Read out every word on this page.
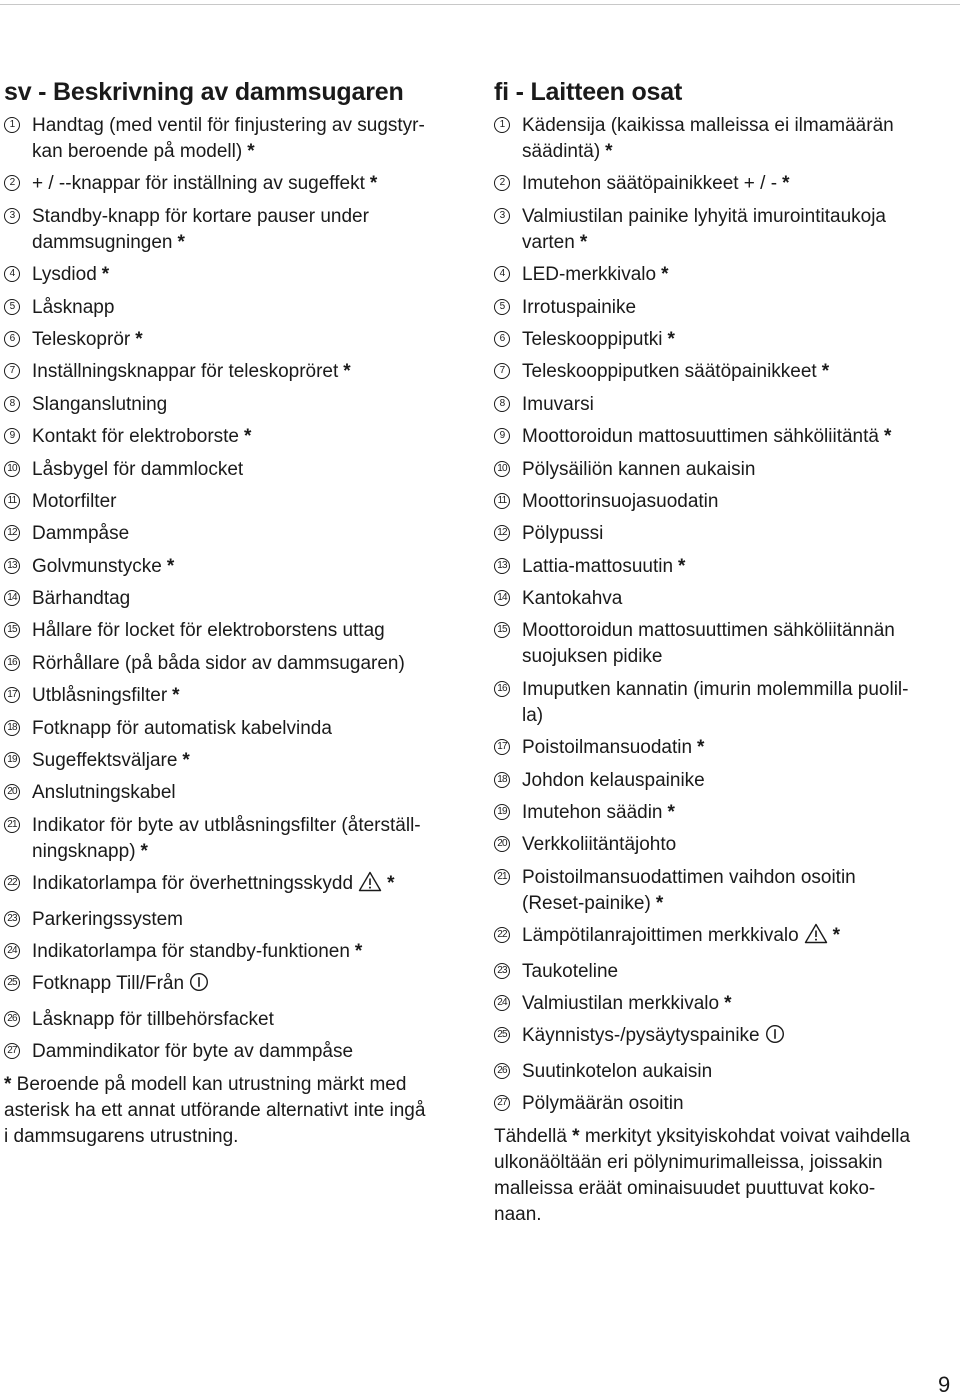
sv - Beskrivning av dammsugaren
1 Handtag (med ventil för finjustering av sugstyr-
kan beroende på modell) *
2 + / --knappar för inställning av sugeffekt *
3 Standby-knapp för kortare pauser under
dammsugningen *
4 Lysdiod *
5 Låsknapp
6 Teleskoprör *
7 Inställningsknappar för teleskopröret *
8 Slanganslutning
9 Kontakt för elektroborste *
10 Låsbygel för dammlocket
11 Motorfilter
12 Dammpåse
13 Golvmunstycke *
14 Bärhandtag
15 Hållare för locket för elektroborstens uttag
16 Rörhållare (på båda sidor av dammsugaren)
17 Utblåsningsfilter *
18 Fotknapp för automatisk kabelvinda
19 Sugeffektsväljare *
20 Anslutningskabel
21 Indikator för byte av utblåsningsfilter (återställ-
ningsknapp) *
22 Indikatorlampa för överhettningsskydd *
23 Parkeringssystem
24 Indikatorlampa för standby-funktionen *
25 Fotknapp Till/Från
26 Låsknapp för tillbehörsfacket
27 Dammindikator för byte av dammpåse

* Beroende på modell kan utrustning märkt med
asterisk ha ett annat utförande alternativt inte ingå
i dammsugarens utrustning.

fi - Laitteen osat
1 Kädensija (kaikissa malleissa ei ilmamäärän
säädintä) *
2 Imutehon säätöpainikkeet + / - *
3 Valmiustilan painike lyhyitä imurointitaukoja
varten *
4 LED-merkkivalo *
5 Irrotuspainike
6 Teleskooppiputki *
7 Teleskooppiputken säätöpainikkeet *
8 Imuvarsi
9 Moottoroidun mattosuuttimen sähköliitäntä *
10 Pölysäiliön kannen aukaisin
11 Moottorinsuojasuodatin
12 Pölypussi
13 Lattia-mattosuutin *
14 Kantokahva
15 Moottoroidun mattosuuttimen sähköliitännän
suojuksen pidike
16 Imuputken kannatin (imurin molemmilla puolil-
la)
17 Poistoilmansuodatin *
18 Johdon kelauspainike
19 Imutehon säädin *
20 Verkkoliitäntäjohto
21 Poistoilmansuodattimen vaihdon osoitin
(Reset-painike) *
22 Lämpötilanrajoittimen merkkivalo *
23 Taukoteline
24 Valmiustilan merkkivalo *
25 Käynnistys-/pysäytyspainike
26 Suutinkotelon aukaisin
27 Pölymäärän osoitin

Tähdellä * merkityt yksityiskohdat voivat vaihdella
ulkonäöltään eri pölynimurimalleissa, joissakin
malleissa eräät ominaisuudet puuttuvat koko-
naan.

9
